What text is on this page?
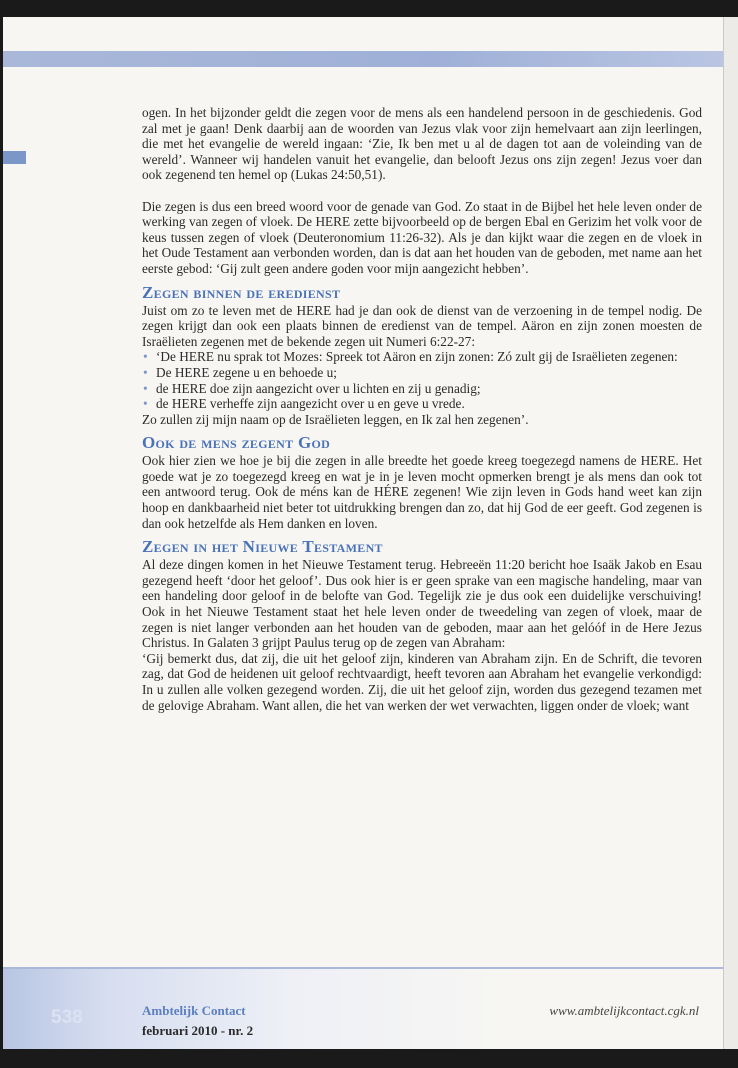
ogen. In het bijzonder geldt die zegen voor de mens als een handelend persoon in de geschiedenis. God zal met je gaan! Denk daarbij aan de woorden van Jezus vlak voor zijn hemelvaart aan zijn leerlingen, die met het evangelie de wereld ingaan: ‘Zie, Ik ben met u al de dagen tot aan de voleinding van de wereld’. Wanneer wij handelen vanuit het evangelie, dan belooft Jezus ons zijn zegen! Jezus voer dan ook zegenend ten hemel op (Lukas 24:50,51).

Die zegen is dus een breed woord voor de genade van God. Zo staat in de Bijbel het hele leven onder de werking van zegen of vloek. De HERE zette bijvoorbeeld op de bergen Ebal en Gerizim het volk voor de keus tussen zegen of vloek (Deuteronomium 11:26-32). Als je dan kijkt waar die zegen en de vloek in het Oude Testament aan verbonden worden, dan is dat aan het houden van de geboden, met name aan het eerste gebod: ‘Gij zult geen andere goden voor mijn aangezicht hebben’.

Zegen binnen de eredienst

Juist om zo te leven met de HERE had je dan ook de dienst van de verzoening in de tempel nodig. De zegen krijgt dan ook een plaats binnen de eredienst van de tempel. Aäron en zijn zonen moesten de Israëlieten zegenen met de bekende zegen uit Numeri 6:22-27:

• ‘De HERE nu sprak tot Mozes: Spreek tot Aäron en zijn zonen: Zó zult gij de Israëlieten zegenen:
• De HERE zegene u en behoede u;
• de HERE doe zijn aangezicht over u lichten en zij u genadig;
• de HERE verheffe zijn aangezicht over u en geve u vrede.

Zo zullen zij mijn naam op de Israëlieten leggen, en Ik zal hen zegenen’.

Ook de mens zegent God

Ook hier zien we hoe je bij die zegen in alle breedte het goede kreeg toegezegd namens de HERE. Het goede wat je zo toegezegd kreeg en wat je in je leven mocht opmerken brengt je als mens dan ook tot een antwoord terug. Ook de méns kan de HÉRE zegenen! Wie zijn leven in Gods hand weet kan zijn hoop en dankbaarheid niet beter tot uitdrukking brengen dan zo, dat hij God de eer geeft. God zegenen is dan ook hetzelfde als Hem danken en loven.

Zegen in het Nieuwe Testament

Al deze dingen komen in het Nieuwe Testament terug. Hebreeën 11:20 bericht hoe Isaäk Jakob en Esau gezegend heeft ‘door het geloof’. Dus ook hier is er geen sprake van een magische handeling, maar van een handeling door geloof in de belofte van God. Tegelijk zie je dus ook een duidelijke verschuiving! Ook in het Nieuwe Testament staat het hele leven onder de tweedeling van zegen of vloek, maar de zegen is niet langer verbonden aan het houden van de geboden, maar aan het gelóóf in de Here Jezus Christus. In Galaten 3 grijpt Paulus terug op de zegen van Abraham:

‘Gij bemerkt dus, dat zij, die uit het geloof zijn, kinderen van Abraham zijn. En de Schrift, die tevoren zag, dat God de heidenen uit geloof rechtvaardigt, heeft tevoren aan Abraham het evangelie verkondigd: In u zullen alle volken gezegend worden. Zij, die uit het geloof zijn, worden dus gezegend tezamen met de gelovige Abraham. Want allen, die het van werken der wet verwachten, liggen onder de vloek; want

538	Ambtelijk Contact
februari 2010 - nr. 2
www.ambtelijkcontact.cgk.nl
